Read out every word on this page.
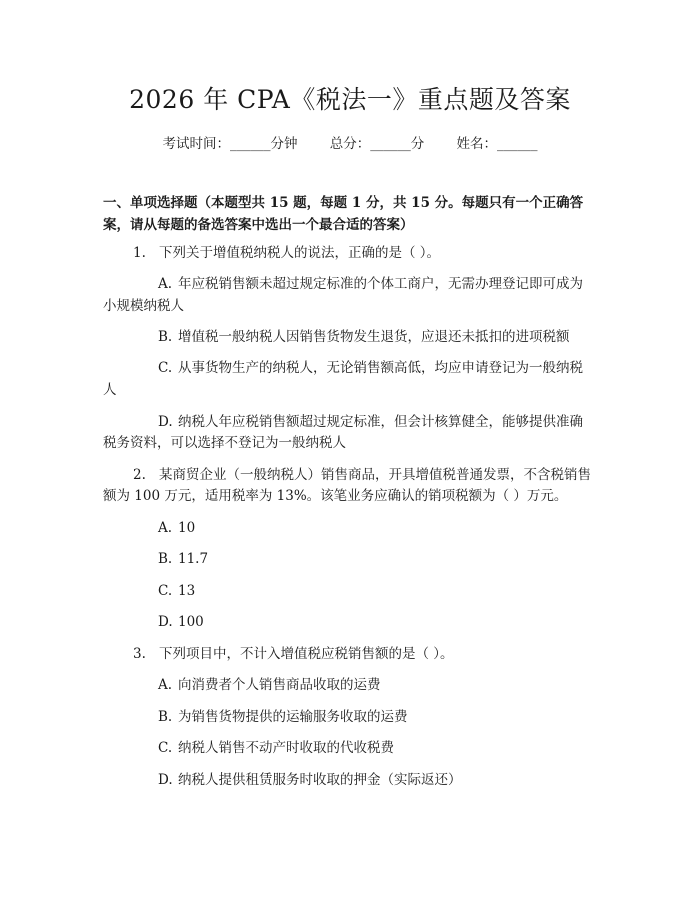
2026 年 CPA《税法一》重点题及答案
考试时间：______分钟 总分：______分 姓名：______
一、单项选择题（本题型共 15 题，每题 1 分，共 15 分。每题只有一个正确答
案，请从每题的备选答案中选出一个最合适的答案）
1. 下列关于增值税纳税人的说法，正确的是（ ）。
A. 年应税销售额未超过规定标准的个体工商户，无需办理登记即可成为
小规模纳税人
B. 增值税一般纳税人因销售货物发生退货，应退还未抵扣的进项税额
C. 从事货物生产的纳税人，无论销售额高低，均应申请登记为一般纳税
人
D. 纳税人年应税销售额超过规定标准，但会计核算健全，能够提供准确
税务资料，可以选择不登记为一般纳税人
2. 某商贸企业（一般纳税人）销售商品，开具增值税普通发票，不含税销售
额为 100 万元，适用税率为 13%。该笔业务应确认的销项税额为（ ）万元。
A. 10
B. 11.7
C. 13
D. 100
3. 下列项目中，不计入增值税应税销售额的是（ ）。
A. 向消费者个人销售商品收取的运费
B. 为销售货物提供的运输服务收取的运费
C. 纳税人销售不动产时收取的代收税费
D. 纳税人提供租赁服务时收取的押金（实际返还）
